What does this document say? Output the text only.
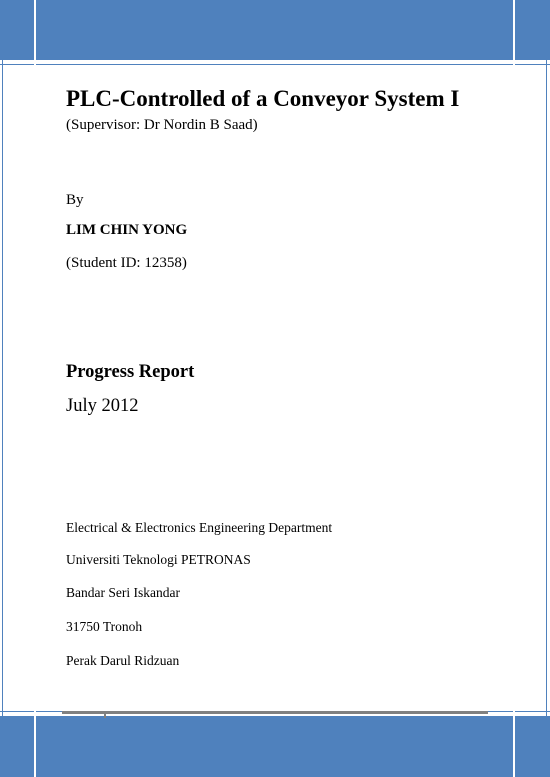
PLC-Controlled of a Conveyor System I
(Supervisor: Dr Nordin B Saad)
By
LIM CHIN YONG
(Student ID: 12358)
Progress Report
July 2012
Electrical & Electronics Engineering Department
Universiti Teknologi PETRONAS
Bandar Seri Iskandar
31750 Tronoh
Perak Darul Ridzuan
